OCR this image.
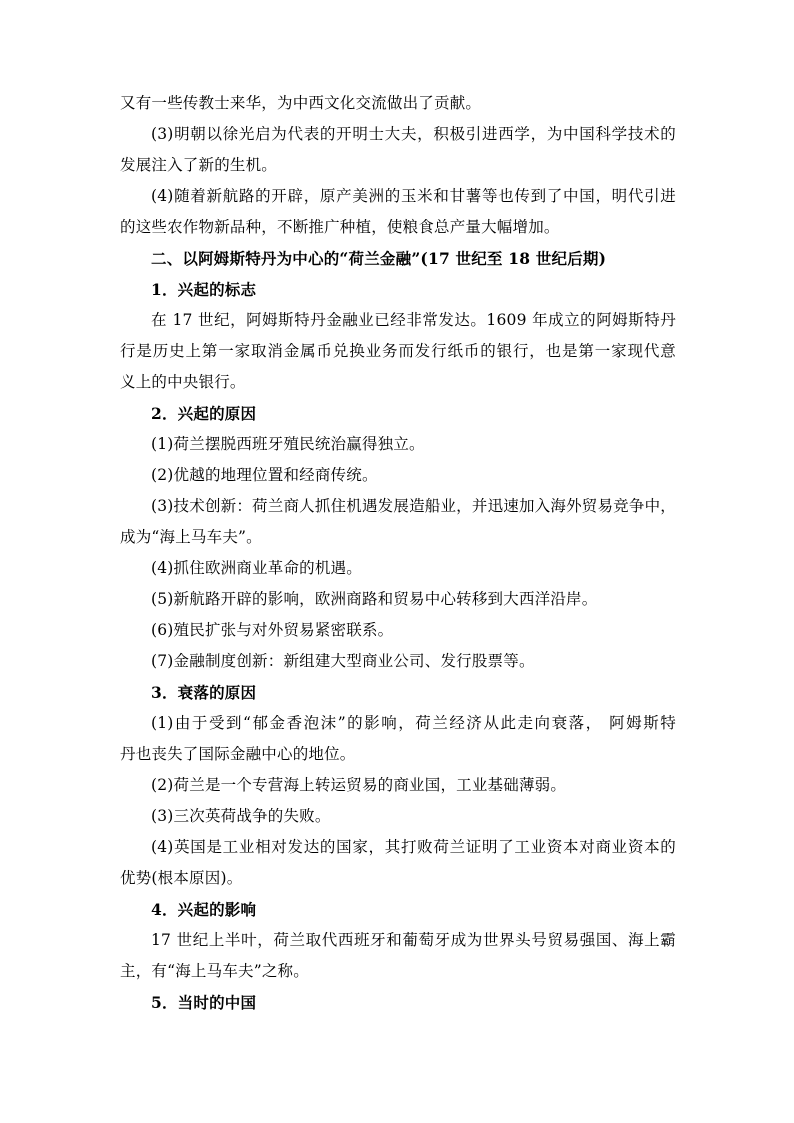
又有一些传教士来华，为中西文化交流做出了贡献。
(3)明朝以徐光启为代表的开明士大夫，积极引进西学，为中国科学技术的
发展注入了新的生机。
(4)随着新航路的开辟，原产美洲的玉米和甘薯等也传到了中国，明代引进
的这些农作物新品种，不断推广种植，使粮食总产量大幅增加。
二、以阿姆斯特丹为中心的“荷兰金融”(17 世纪至 18 世纪后期)
1．兴起的标志
在 17 世纪，阿姆斯特丹金融业已经非常发达。1609 年成立的阿姆斯特丹
行是历史上第一家取消金属币兑换业务而发行纸币的银行，也是第一家现代意
义上的中央银行。
2．兴起的原因
(1)荷兰摆脱西班牙殖民统治赢得独立。
(2)优越的地理位置和经商传统。
(3)技术创新：荷兰商人抓住机遇发展造船业，并迅速加入海外贸易竞争中，
成为“海上马车夫”。
(4)抓住欧洲商业革命的机遇。
(5)新航路开辟的影响，欧洲商路和贸易中心转移到大西洋沿岸。
(6)殖民扩张与对外贸易紧密联系。
(7)金融制度创新：新组建大型商业公司、发行股票等。
3．衰落的原因
(1)由于受到“郁金香泡沫”的影响，荷兰经济从此走向衰落， 阿姆斯特
丹也丧失了国际金融中心的地位。
(2)荷兰是一个专营海上转运贸易的商业国，工业基础薄弱。
(3)三次英荷战争的失败。
(4)英国是工业相对发达的国家，其打败荷兰证明了工业资本对商业资本的
优势(根本原因)。
4．兴起的影响
17 世纪上半叶，荷兰取代西班牙和葡萄牙成为世界头号贸易强国、海上霸
主，有“海上马车夫”之称。
5．当时的中国
